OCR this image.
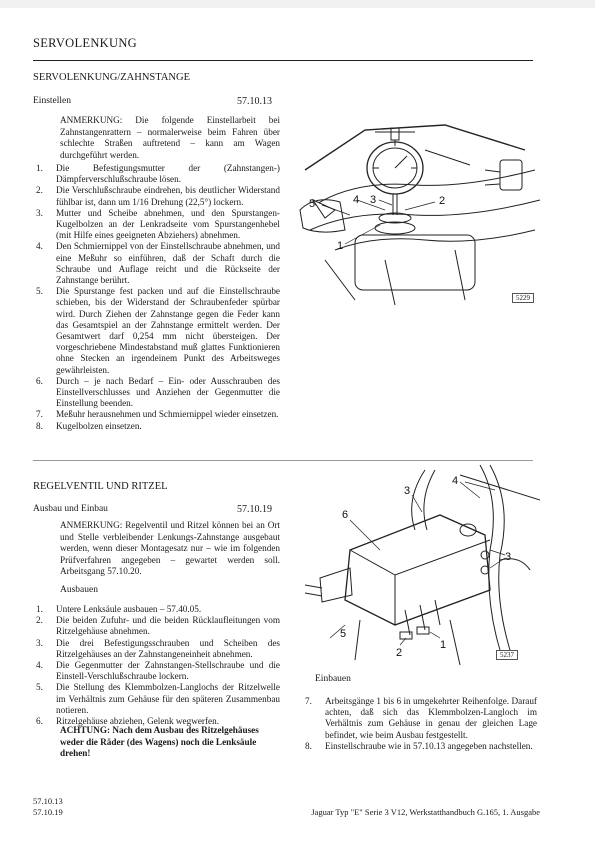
SERVOLENKUNG
SERVOLENKUNG/ZAHNSTANGE
Einstellen	57.10.13
ANMERKUNG: Die folgende Einstellarbeit bei Zahnstangenrattern – normalerweise beim Fahren über schlechte Straßen auftretend – kann am Wagen durchgeführt werden.
1. Die Befestigungsmutter der (Zahnstangen-) Dämpferverschlußschraube lösen.
2. Die Verschlußschraube eindrehen, bis deutlicher Widerstand fühlbar ist, dann um 1/16 Drehung (22,5°) lockern.
3. Mutter und Scheibe abnehmen, und den Spurstangen-Kugelbolzen an der Lenkradseite vom Spurstangenhebel (mit Hilfe eines geeigneten Abziehers) abnehmen.
4. Den Schmiernippel von der Einstellschraube abnehmen, und eine Meßuhr so einführen, daß der Schaft durch die Schraube und Auflage reicht und die Rückseite der Zahnstange berührt.
5. Die Spurstange fest packen und auf die Einstellschraube schieben, bis der Widerstand der Schraubenfeder spürbar wird. Durch Ziehen der Zahnstange gegen die Feder kann das Gesamtspiel an der Zahnstange ermittelt werden. Der Gesamtwert darf 0,254 mm nicht übersteigen. Der vorgeschriebene Mindestabstand muß glattes Funktionieren ohne Stecken an irgendeinem Punkt des Arbeitsweges gewährleisten.
6. Durch – je nach Bedarf – Ein- oder Ausschrauben des Einstellverschlusses und Anziehen der Gegenmutter die Einstellung beenden.
7. Meßuhr herausnehmen und Schmiernippel wieder einsetzen.
8. Kugelbolzen einsetzen.
5	4 3	2
1
5229
REGELVENTIL UND RITZEL
Ausbau und Einbau	57.10.19
ANMERKUNG: Regelventil und Ritzel können bei an Ort und Stelle verbleibender Lenkungs-Zahnstange ausgebaut werden, wenn dieser Montagesatz nur – wie im folgenden Prüfverfahren angegeben – gewartet werden soll. Arbeitsgang 57.10.20.
Ausbauen
1. Untere Lenksäule ausbauen – 57.40.05.
2. Die beiden Zufuhr- und die beiden Rücklaufleitungen vom Ritzelgehäuse abnehmen.
3. Die drei Befestigungsschrauben und Scheiben des Ritzelgehäuses an der Zahnstangeneinheit abnehmen.
4. Die Gegenmutter der Zahnstangen-Stellschraube und die Einstell-Verschlußschraube lockern.
5. Die Stellung des Klemmbolzen-Langlochs der Ritzelwelle im Verhältnis zum Gehäuse für den späteren Zusammenbau notieren.
6. Ritzelgehäuse abziehen, Gelenk wegwerfen.
ACHTUNG: Nach dem Ausbau des Ritzelgehäuses weder die Räder (des Wagens) noch die Lenksäule drehen!
3
4
6
3
5
2
1
5237
Einbauen
7. Arbeitsgänge 1 bis 6 in umgekehrter Reihenfolge. Darauf achten, daß sich das Klemmbolzen-Langloch im Verhältnis zum Gehäuse in genau der gleichen Lage befindet, wie beim Ausbau festgestellt.
8. Einstellschraube wie in 57.10.13 angegeben nachstellen.
57.10.13
57.10.19	Jaguar Typ "E" Serie 3 V12, Werkstatthandbuch G.165, 1. Ausgabe
